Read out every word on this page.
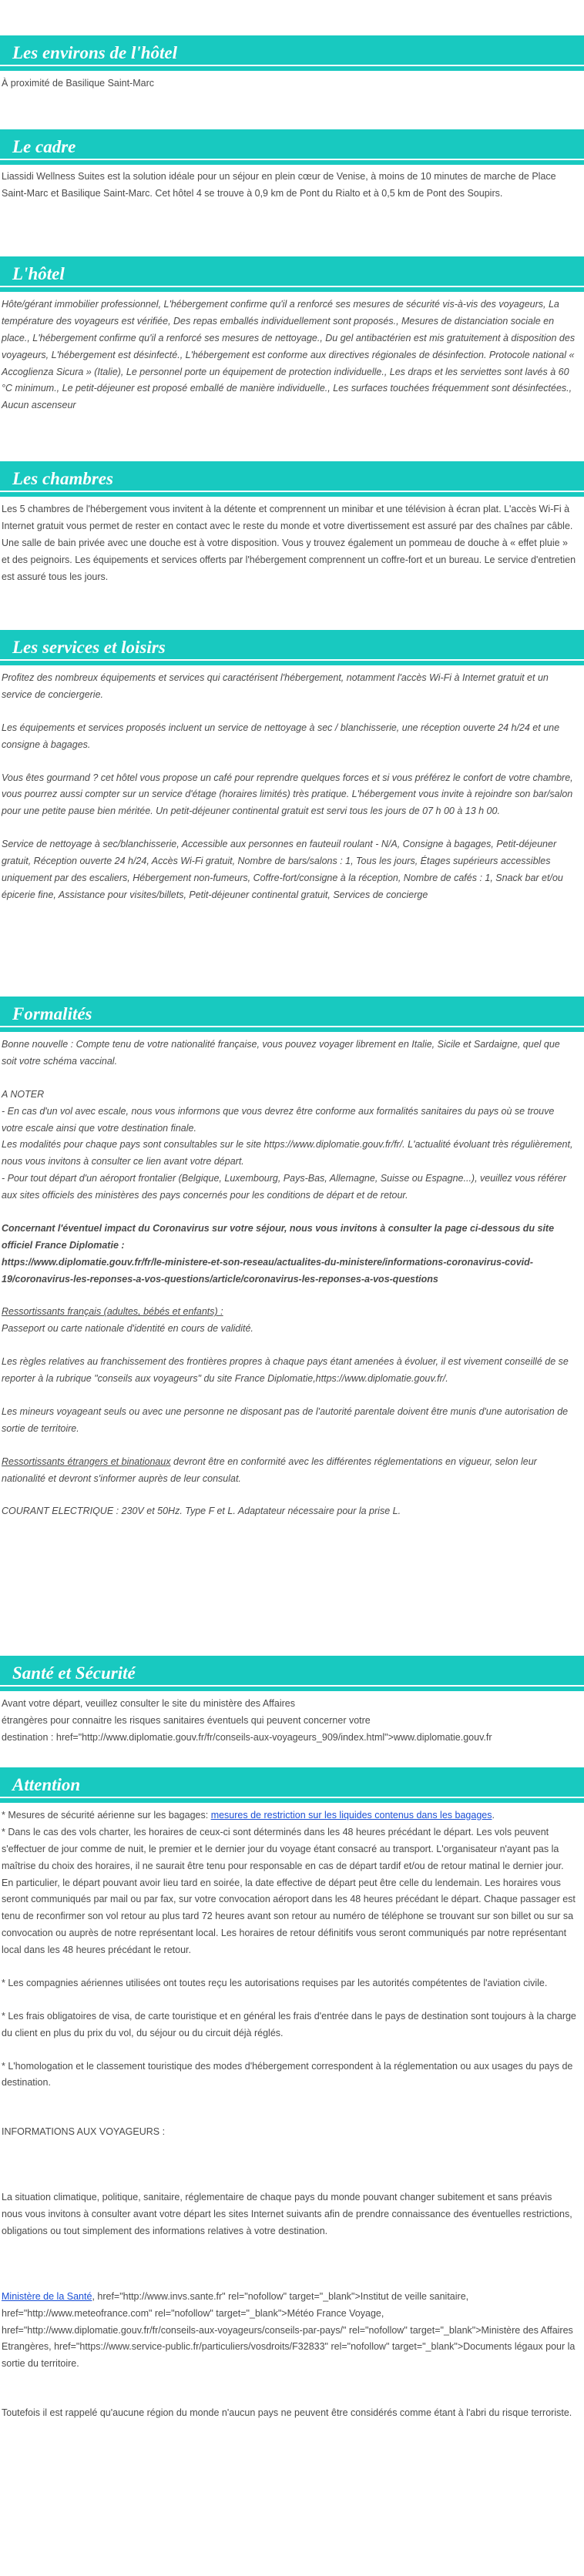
Les environs de l'hôtel

À proximité de Basilique Saint-Marc

Le cadre

Liassidi Wellness Suites est la solution idéale pour un séjour en plein cœur de Venise, à moins de 10 minutes de marche de Place Saint-Marc et Basilique Saint-Marc. Cet hôtel 4 se trouve à 0,9 km de Pont du Rialto et à 0,5 km de Pont des Soupirs.

L'hôtel

Hôte/gérant immobilier professionnel, L'hébergement confirme qu'il a renforcé ses mesures de sécurité vis-à-vis des voyageurs, La température des voyageurs est vérifiée, Des repas emballés individuellement sont proposés., Mesures de distanciation sociale en place., L'hébergement confirme qu'il a renforcé ses mesures de nettoyage., Du gel antibactérien est mis gratuitement à disposition des voyageurs, L'hébergement est désinfecté., L'hébergement est conforme aux directives régionales de désinfection. Protocole national « Accoglienza Sicura » (Italie), Le personnel porte un équipement de protection individuelle., Les draps et les serviettes sont lavés à 60 °C minimum., Le petit-déjeuner est proposé emballé de manière individuelle., Les surfaces touchées fréquemment sont désinfectées., Aucun ascenseur

Les chambres

Les 5 chambres de l'hébergement vous invitent à la détente et comprennent un minibar et une télévision à écran plat. L'accès Wi-Fi à Internet gratuit vous permet de rester en contact avec le reste du monde et votre divertissement est assuré par des chaînes par câble. Une salle de bain privée avec une douche est à votre disposition. Vous y trouvez également un pommeau de douche à « effet pluie » et des peignoirs. Les équipements et services offerts par l'hébergement comprennent un coffre-fort et un bureau. Le service d'entretien est assuré tous les jours.

Les services et loisirs

Profitez des nombreux équipements et services qui caractérisent l'hébergement, notamment l'accès Wi-Fi à Internet gratuit et un service de conciergerie.

Les équipements et services proposés incluent un service de nettoyage à sec / blanchisserie, une réception ouverte 24 h/24 et une consigne à bagages.

Vous êtes gourmand ? cet hôtel vous propose un café pour reprendre quelques forces et si vous préférez le confort de votre chambre, vous pourrez aussi compter sur un service d'étage (horaires limités) très pratique. L'hébergement vous invite à rejoindre son bar/salon pour une petite pause bien méritée. Un petit-déjeuner continental gratuit est servi tous les jours de 07 h 00 à 13 h 00.

Service de nettoyage à sec/blanchisserie, Accessible aux personnes en fauteuil roulant - N/A, Consigne à bagages, Petit-déjeuner gratuit, Réception ouverte 24 h/24, Accès Wi-Fi gratuit, Nombre de bars/salons : 1, Tous les jours, Étages supérieurs accessibles uniquement par des escaliers, Hébergement non-fumeurs, Coffre-fort/consigne à la réception, Nombre de cafés : 1, Snack bar et/ou épicerie fine, Assistance pour visites/billets, Petit-déjeuner continental gratuit, Services de concierge

Formalités

Bonne nouvelle : Compte tenu de votre nationalité française, vous pouvez voyager librement en Italie, Sicile et Sardaigne, quel que soit votre schéma vaccinal.

A NOTER

- En cas d'un vol avec escale, nous vous informons que vous devrez être conforme aux formalités sanitaires du pays où se trouve votre escale ainsi que votre destination finale.

Les modalités pour chaque pays sont consultables sur le site https://www.diplomatie.gouv.fr/fr/. L'actualité évoluant très régulièrement, nous vous invitons à consulter ce lien avant votre départ.

- Pour tout départ d'un aéroport frontalier (Belgique, Luxembourg, Pays-Bas, Allemagne, Suisse ou Espagne...), veuillez vous référer aux sites officiels des ministères des pays concernés pour les conditions de départ et de retour.

Concernant l'éventuel impact du Coronavirus sur votre séjour, nous vous invitons à consulter la page ci-dessous du site officiel France Diplomatie :

https://www.diplomatie.gouv.fr/fr/le-ministere-et-son-reseau/actualites-du-ministere/informations-coronavirus-covid-19/coronavirus-les-reponses-a-vos-questions/article/coronavirus-les-reponses-a-vos-questions

Ressortissants français (adultes, bébés et enfants) :

Passeport ou carte nationale d'identité en cours de validité.

Les règles relatives au franchissement des frontières propres à chaque pays étant amenées à évoluer, il est vivement conseillé de se reporter à la rubrique "conseils aux voyageurs" du site France Diplomatie,https://www.diplomatie.gouv.fr/.

Les mineurs voyageant seuls ou avec une personne ne disposant pas de l'autorité parentale doivent être munis d'une autorisation de sortie de territoire.

Ressortissants étrangers et binationaux devront être en conformité avec les différentes réglementations en vigueur, selon leur nationalité et devront s'informer auprès de leur consulat.

COURANT ELECTRIQUE : 230V et 50Hz. Type F et L. Adaptateur nécessaire pour la prise L.

Santé et Sécurité

Avant votre départ, veuillez consulter le site du ministère des Affaires

étrangères pour connaitre les risques sanitaires éventuels qui peuvent concerner votre

destination : href="http://www.diplomatie.gouv.fr/fr/conseils-aux-voyageurs_909/index.html">www.diplomatie.gouv.fr

Attention

* Mesures de sécurité aérienne sur les bagages: mesures de restriction sur les liquides contenus dans les bagages.

* Dans le cas des vols charter, les horaires de ceux-ci sont déterminés dans les 48 heures précédant le départ. Les vols peuvent s'effectuer de jour comme de nuit, le premier et le dernier jour du voyage étant consacré au transport. L'organisateur n'ayant pas la maîtrise du choix des horaires, il ne saurait être tenu pour responsable en cas de départ tardif et/ou de retour matinal le dernier jour. En particulier, le départ pouvant avoir lieu tard en soirée, la date effective de départ peut être celle du lendemain. Les horaires vous seront communiqués par mail ou par fax, sur votre convocation aéroport dans les 48 heures précédant le départ. Chaque passager est tenu de reconfirmer son vol retour au plus tard 72 heures avant son retour au numéro de téléphone se trouvant sur son billet ou sur sa convocation ou auprès de notre représentant local. Les horaires de retour définitifs vous seront communiqués par notre représentant local dans les 48 heures précédant le retour.

* Les compagnies aériennes utilisées ont toutes reçu les autorisations requises par les autorités compétentes de l'aviation civile.

* Les frais obligatoires de visa, de carte touristique et en général les frais d'entrée dans le pays de destination sont toujours à la charge du client en plus du prix du vol, du séjour ou du circuit déjà réglés.

* L'homologation et le classement touristique des modes d'hébergement correspondent à la réglementation ou aux usages du pays de destination.

INFORMATIONS AUX VOYAGEURS :

La situation climatique, politique, sanitaire, réglementaire de chaque pays du monde pouvant changer subitement et sans préavis

nous vous invitons à consulter avant votre départ les sites Internet suivants afin de prendre connaissance des éventuelles restrictions, obligations ou tout simplement des informations relatives à votre destination.

Ministère de la Santé, href="http://www.invs.sante.fr" rel="nofollow" target="_blank">Institut de veille sanitaire, href="http://www.meteofrance.com" rel="nofollow" target="_blank">Météo France Voyage, href="http://www.diplomatie.gouv.fr/fr/conseils-aux-voyageurs/conseils-par-pays/" rel="nofollow" target="_blank">Ministère des Affaires Etrangères, href="https://www.service-public.fr/particuliers/vosdroits/F32833" rel="nofollow" target="_blank">Documents légaux pour la sortie du territoire.

Toutefois il est rappelé qu'aucune région du monde n'aucun pays ne peuvent être considérés comme étant à l'abri du risque terroriste.
